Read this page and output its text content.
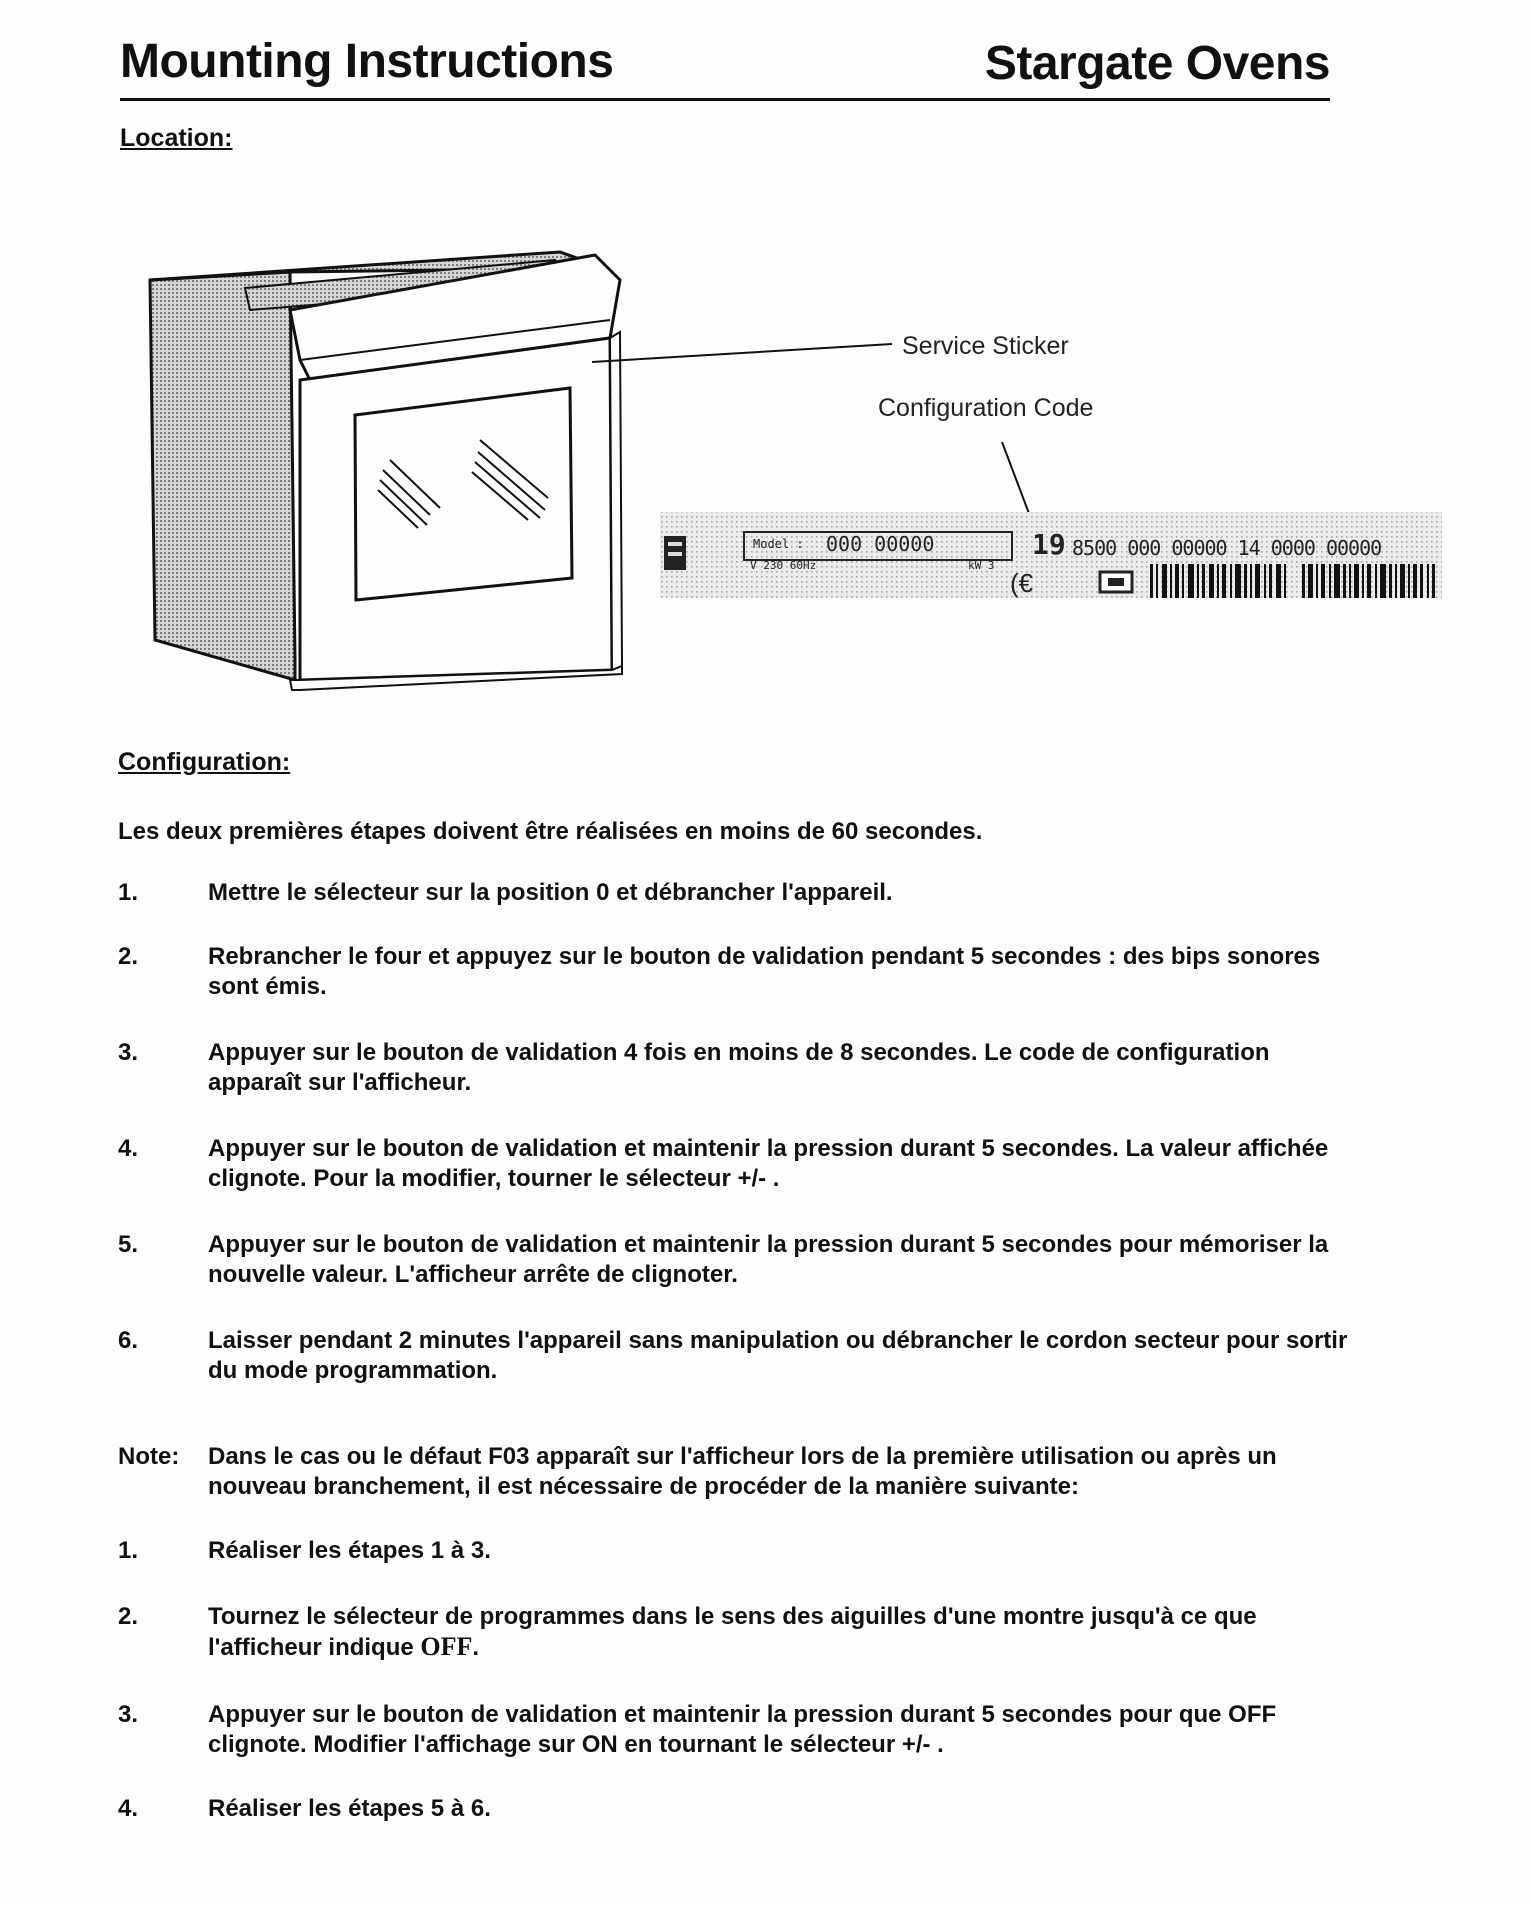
Mounting Instructions	Stargate Ovens
Location:
(€
Service Sticker
Configuration Code
Model : 000 00000
V 230 60Hz	kW 3
19 8500 000 00000 14 0000 00000
Configuration:
Les deux premières étapes doivent être réalisées en moins de 60 secondes.
1.	Mettre le sélecteur sur la position 0 et débrancher l'appareil.
2.	Rebrancher le four et appuyez sur le bouton de validation pendant 5 secondes : des bips sonores sont émis.
3.	Appuyer sur le bouton de validation 4 fois en moins de 8 secondes. Le code de configuration apparaît sur l'afficheur.
4.	Appuyer sur le bouton de validation et maintenir la pression durant 5 secondes. La valeur affichée clignote. Pour la modifier, tourner le sélecteur +/- .
5.	Appuyer sur le bouton de validation et maintenir la pression durant 5 secondes pour mémoriser la nouvelle valeur. L'afficheur arrête de clignoter.
6.	Laisser pendant 2 minutes l'appareil sans manipulation ou débrancher le cordon secteur pour sortir du mode programmation.
Note: Dans le cas ou le défaut F03 apparaît sur l'afficheur lors de la première utilisation ou après un nouveau branchement, il est nécessaire de procéder de la manière suivante:
1.	Réaliser les étapes 1 à 3.
2.	Tournez le sélecteur de programmes dans le sens des aiguilles d'une montre jusqu'à ce que l'afficheur indique OFF.
3.	Appuyer sur le bouton de validation et maintenir la pression durant 5 secondes pour que OFF clignote. Modifier l'affichage sur ON en tournant le sélecteur +/- .
4.	Réaliser les étapes 5 à 6.
